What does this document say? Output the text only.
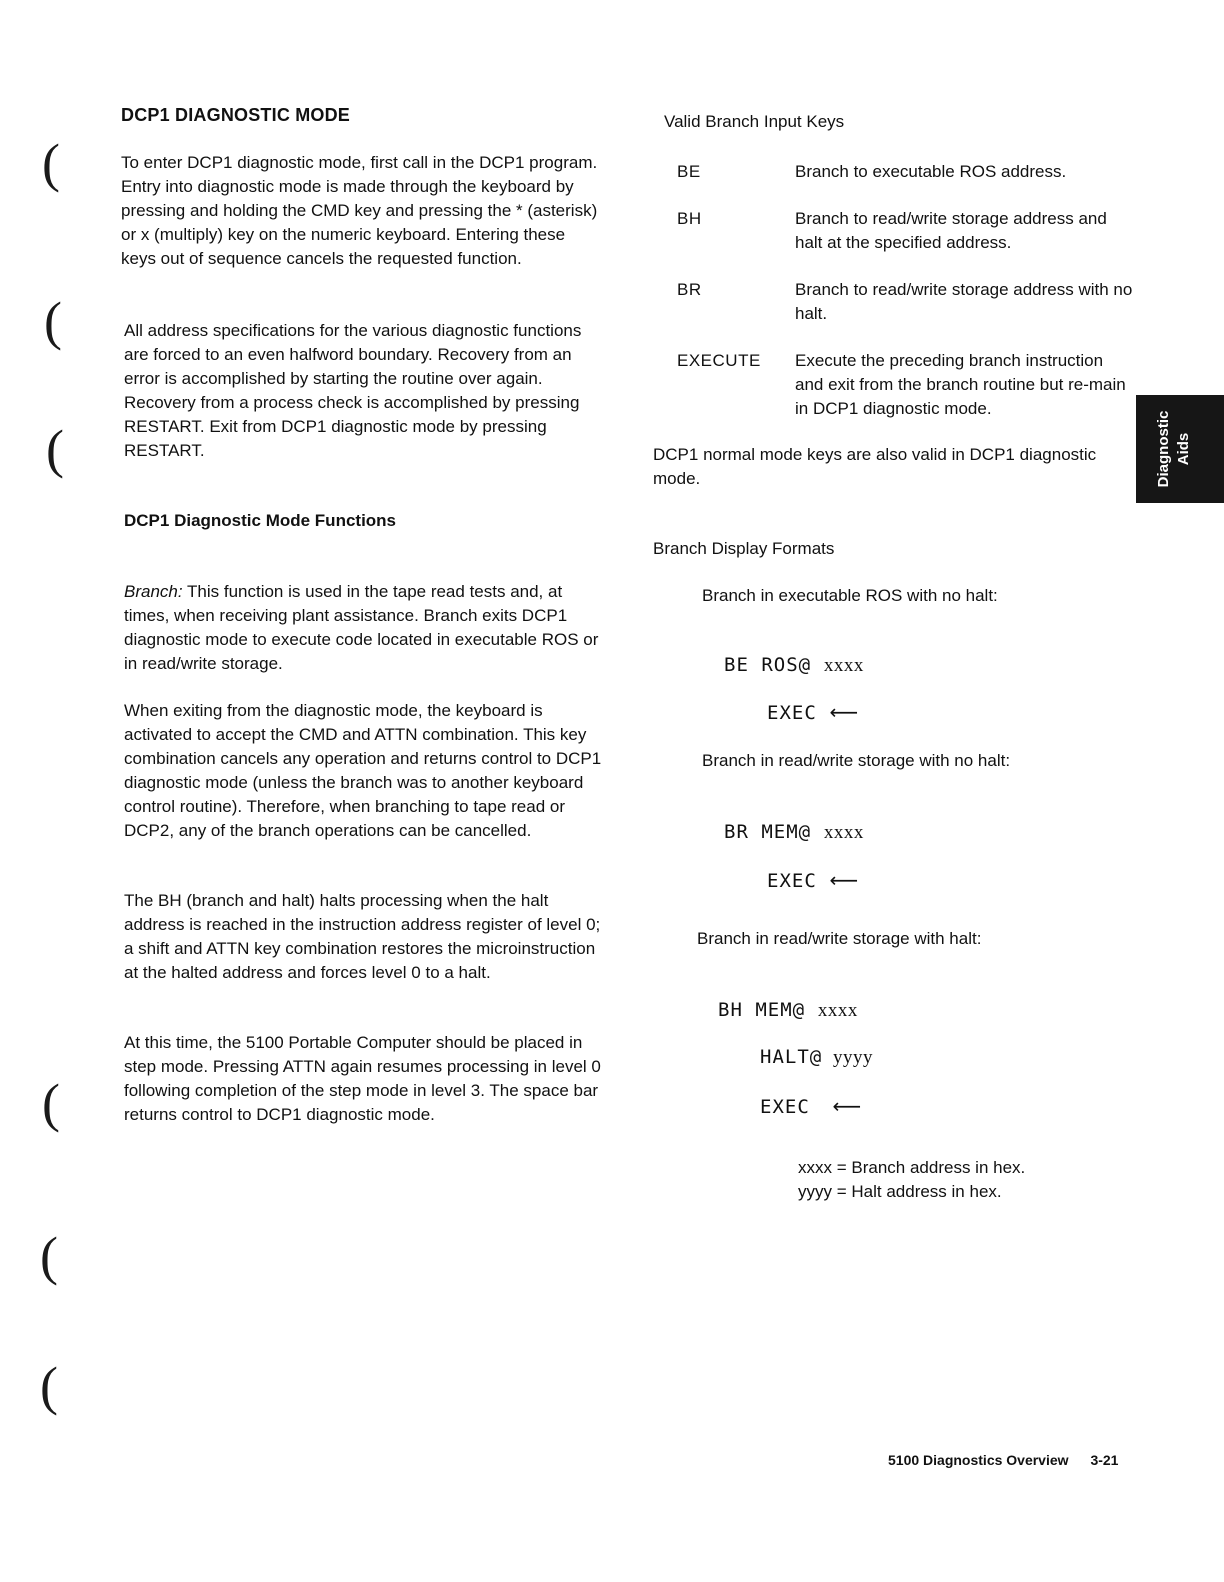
DCP1 DIAGNOSTIC MODE
To enter DCP1 diagnostic mode, first call in the DCP1 program. Entry into diagnostic mode is made through the keyboard by pressing and holding the CMD key and pressing the * (asterisk) or x (multiply) key on the numeric keyboard. Entering these keys out of sequence cancels the requested function.
All address specifications for the various diagnostic functions are forced to an even halfword boundary. Recovery from an error is accomplished by starting the routine over again. Recovery from a process check is accomplished by pressing RESTART. Exit from DCP1 diagnostic mode by pressing RESTART.
DCP1 Diagnostic Mode Functions
Branch: This function is used in the tape read tests and, at times, when receiving plant assistance. Branch exits DCP1 diagnostic mode to execute code located in executable ROS or in read/write storage.
When exiting from the diagnostic mode, the keyboard is activated to accept the CMD and ATTN combination. This key combination cancels any operation and returns control to DCP1 diagnostic mode (unless the branch was to another keyboard control routine). Therefore, when branching to tape read or DCP2, any of the branch operations can be cancelled.
The BH (branch and halt) halts processing when the halt address is reached in the instruction address register of level 0; a shift and ATTN key combination restores the microinstruction at the halted address and forces level 0 to a halt.
At this time, the 5100 Portable Computer should be placed in step mode. Pressing ATTN again resumes processing in level 0 following completion of the step mode in level 3. The space bar returns control to DCP1 diagnostic mode.
Valid Branch Input Keys
BE	Branch to executable ROS address.
BH	Branch to read/write storage address and halt at the specified address.
BR	Branch to read/write storage address with no halt.
EXECUTE Execute the preceding branch instruction and exit from the branch routine but re-main in DCP1 diagnostic mode.
DCP1 normal mode keys are also valid in DCP1 diagnostic mode.
Branch Display Formats
Branch in executable ROS with no halt:
BE ROS@ xxxx
EXEC ⟵
Branch in read/write storage with no halt:
BR MEM@ xxxx
EXEC ⟵
Branch in read/write storage with halt:
BH MEM@ xxxx
HALT@ yyyy
EXEC ⟵
xxxx = Branch address in hex.
yyyy = Halt address in hex.
Diagnostic Aids
(
(
(
(
(
(
5100 Diagnostics Overview 3-21
